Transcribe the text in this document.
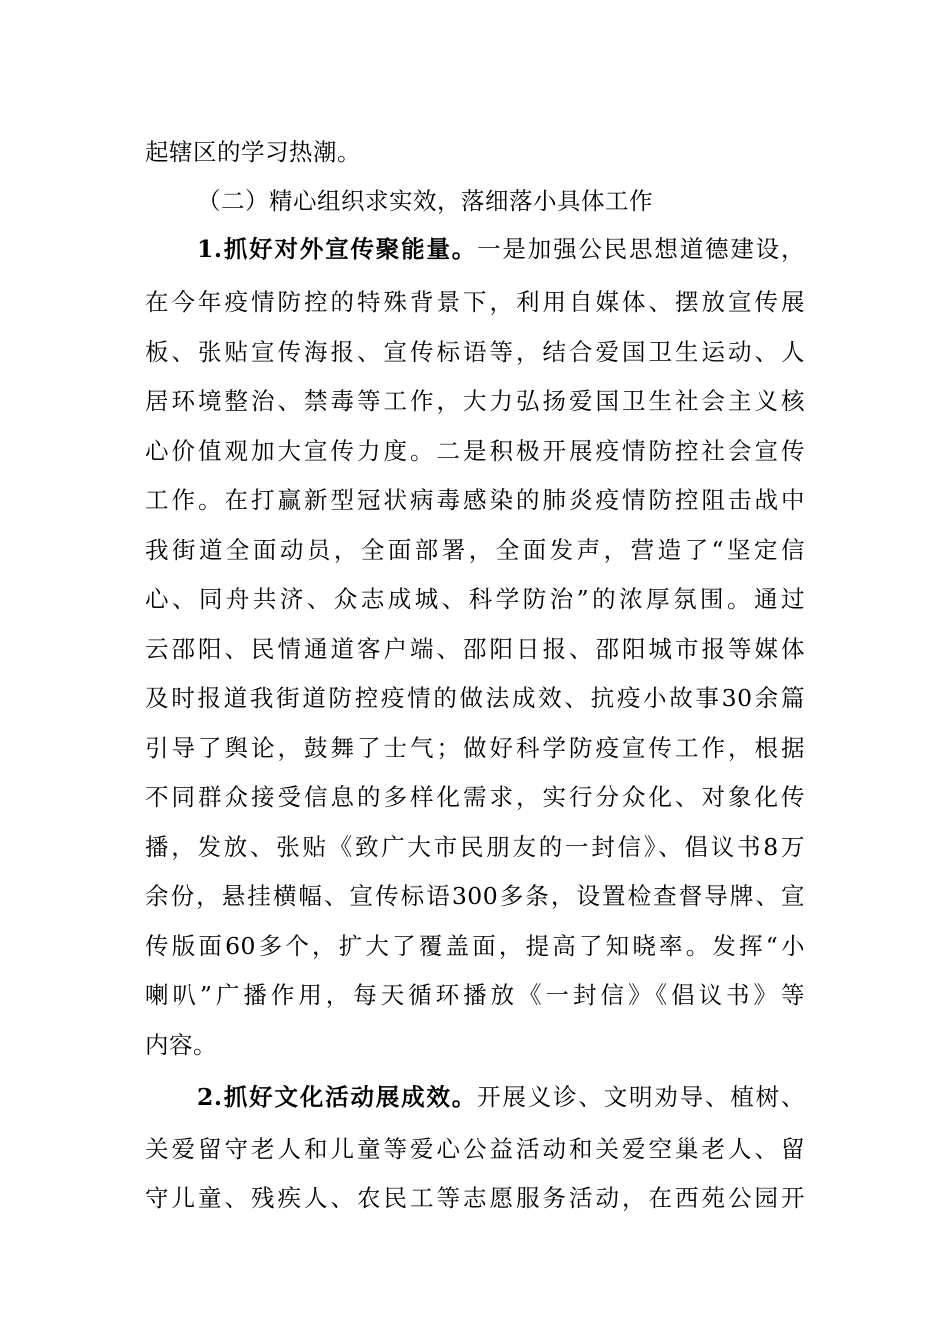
起辖区的学习热潮。
（二）精心组织求实效，落细落小具体工作
1.抓好对外宣传聚能量。一是加强公民思想道德建设，
在今年疫情防控的特殊背景下，利用自媒体、摆放宣传展
板、张贴宣传海报、宣传标语等，结合爱国卫生运动、人
居环境整治、禁毒等工作，大力弘扬爱国卫生社会主义核
心价值观加大宣传力度。二是积极开展疫情防控社会宣传
工作。在打赢新型冠状病毒感染的肺炎疫情防控阻击战中
我街道全面动员，全面部署，全面发声，营造了“坚定信
心、同舟共济、众志成城、科学防治”的浓厚氛围。通过
云邵阳、民情通道客户端、邵阳日报、邵阳城市报等媒体
及时报道我街道防控疫情的做法成效、抗疫小故事30余篇
引导了舆论，鼓舞了士气；做好科学防疫宣传工作，根据
不同群众接受信息的多样化需求，实行分众化、对象化传
播，发放、张贴《致广大市民朋友的一封信》、倡议书8万
余份，悬挂横幅、宣传标语300多条，设置检查督导牌、宣
传版面60多个，扩大了覆盖面，提高了知晓率。发挥“小
喇叭”广播作用，每天循环播放《一封信》《倡议书》等
内容。
2.抓好文化活动展成效。开展义诊、文明劝导、植树、
关爱留守老人和儿童等爱心公益活动和关爱空巢老人、留
守儿童、残疾人、农民工等志愿服务活动，在西苑公园开
